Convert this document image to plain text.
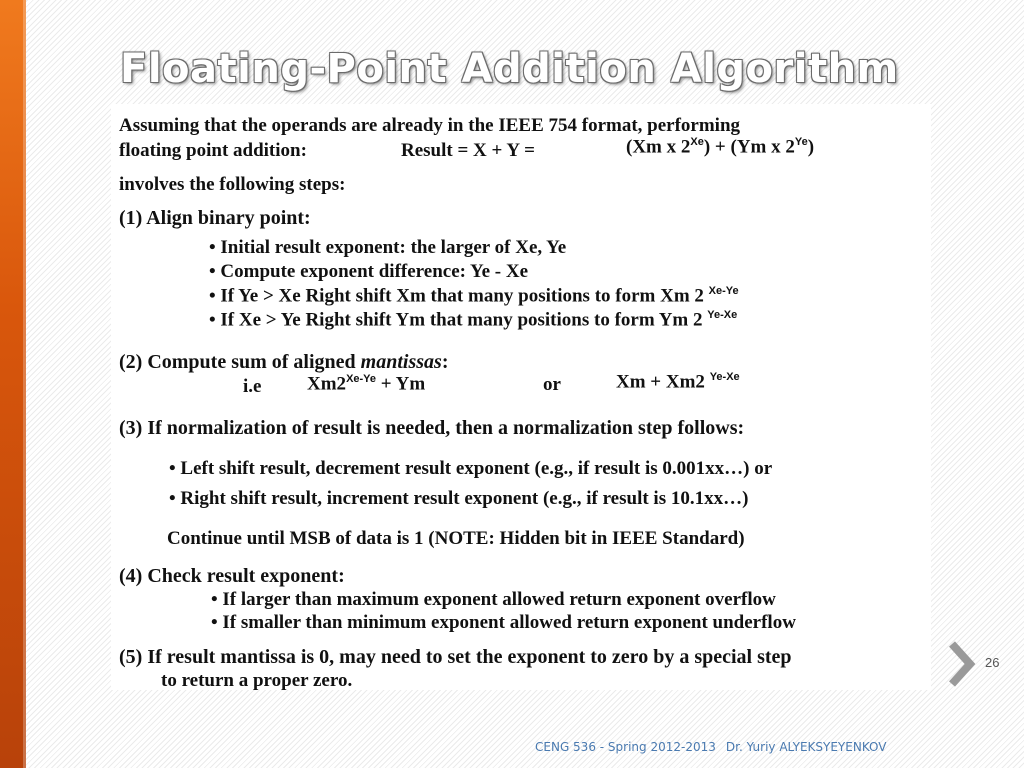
Floating-Point Addition Algorithm
Assuming that the operands are already in the IEEE 754 format, performing
floating point addition:	Result = X + Y =	(Xm x $2^{Xe}) + (Ym$ x $2^{Ye}$)
involves the following steps:
(1) Align binary point:
• Initial result exponent: the larger of Xe, Ye
• Compute exponent difference: Ye - Xe
• If Ye > Xe Right shift Xm that many positions to form Xm 2 $^{Xe-Ye}$
• If Xe > Ye Right shift Ym that many positions to form Ym 2 $^{Ye-Xe}$
(2) Compute sum of aligned mantissas:
i.e $Xm2^{Xe-Ye} + Ym$	or	Xm + Xm2 $^{Ye-Xe}$
(3) If normalization of result is needed, then a normalization step follows:
• Left shift result, decrement result exponent (e.g., if result is 0.001xx…) or
• Right shift result, increment result exponent (e.g., if result is 10.1xx…)
Continue until MSB of data is 1 (NOTE: Hidden bit in IEEE Standard)
(4) Check result exponent:
• If larger than maximum exponent allowed return exponent overflow
• If smaller than minimum exponent allowed return exponent underflow
(5) If result mantissa is 0, may need to set the exponent to zero by a special step
to return a proper zero.
26
CENG 536 - Spring 2012-2013 Dr. Yuriy ALYEKSYEYENKOV
